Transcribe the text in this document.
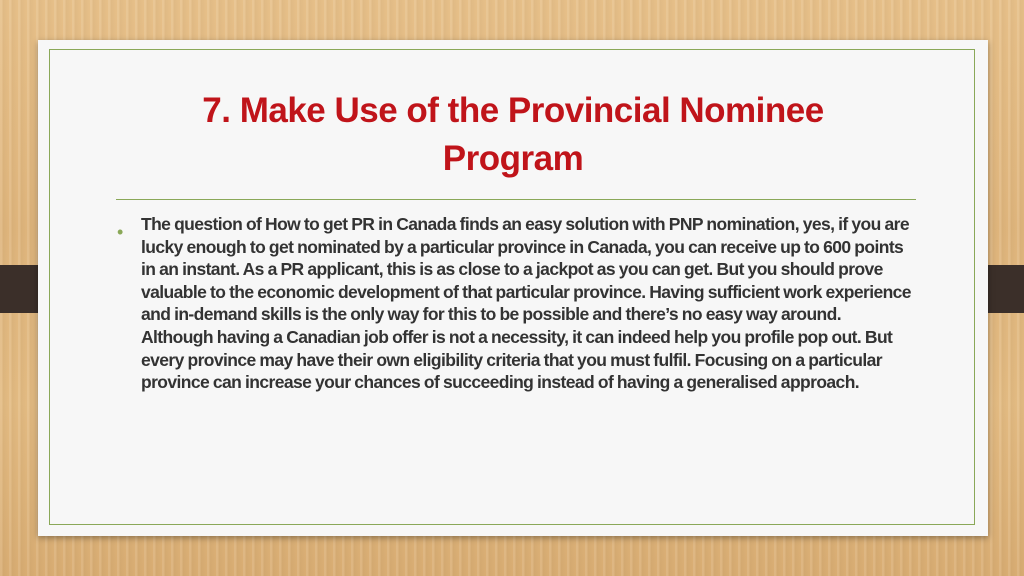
7. Make Use of the Provincial Nominee Program
• The question of How to get PR in Canada finds an easy solution with PNP nomination, yes, if you are lucky enough to get nominated by a particular province in Canada, you can receive up to 600 points in an instant. As a PR applicant, this is as close to a jackpot as you can get. But you should prove valuable to the economic development of that particular province. Having sufficient work experience and in-demand skills is the only way for this to be possible and there’s no easy way around. Although having a Canadian job offer is not a necessity, it can indeed help you profile pop out. But every province may have their own eligibility criteria that you must fulfil. Focusing on a particular province can increase your chances of succeeding instead of having a generalised approach.
